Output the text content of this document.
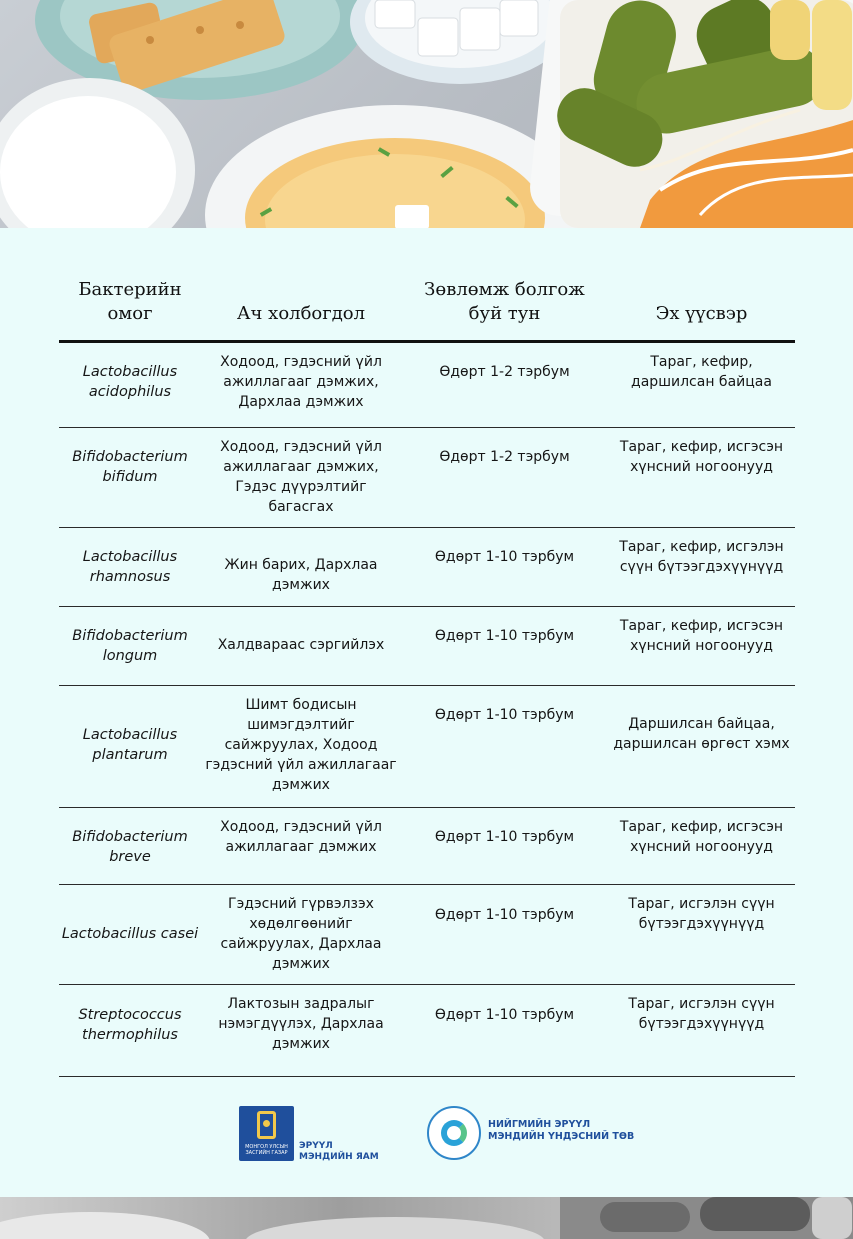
Бактерийн омог	Ач холбогдол	Зөвлөмж болгож буй тун	Эх үүсвэр
Lactobacillus acidophilus	Ходоод, гэдэсний үйл ажиллагааг дэмжих, Дархлаа дэмжих	Өдөрт 1-2 тэрбум	Тараг, кефир, даршилсан байцаа
Bifidobacterium bifidum	Ходоод, гэдэсний үйл ажиллагааг дэмжих, Гэдэс дүүрэлтийг багасгах	Өдөрт 1-2 тэрбум	Тараг, кефир, исгэсэн хүнсний ногоонууд
Lactobacillus rhamnosus	Жин барих, Дархлаа дэмжих	Өдөрт 1-10 тэрбум	Тараг, кефир, исгэлэн сүүн бүтээгдэхүүнүүд
Bifidobacterium longum	Халдвараас сэргийлэх	Өдөрт 1-10 тэрбум	Тараг, кефир, исгэсэн хүнсний ногоонууд
Lactobacillus plantarum	Шимт бодисын шимэгдэлтийг сайжруулах, Ходоод гэдэсний үйл ажиллагааг дэмжих	Өдөрт 1-10 тэрбум	Даршилсан байцаа, даршилсан өргөст хэмх
Bifidobacterium breve	Ходоод, гэдэсний үйл ажиллагааг дэмжих	Өдөрт 1-10 тэрбум	Тараг, кефир, исгэсэн хүнсний ногоонууд
Lactobacillus casei	Гэдэсний гүрвэлзэх хөдөлгөөнийг сайжруулах, Дархлаа дэмжих	Өдөрт 1-10 тэрбум	Тараг, исгэлэн сүүн бүтээгдэхүүнүүд
Streptococcus thermophilus	Лактозын задралыг нэмэгдүүлэх, Дархлаа дэмжих	Өдөрт 1-10 тэрбум	Тараг, исгэлэн сүүн бүтээгдэхүүнүүд
МОНГОЛ УЛСЫН ЗАСГИЙН ГАЗАР
ЭРҮҮЛ МЭНДИЙН ЯАМ
НИЙГМИЙН ЭРҮҮЛ МЭНДИЙН ҮНДЭСНИЙ ТӨВ
